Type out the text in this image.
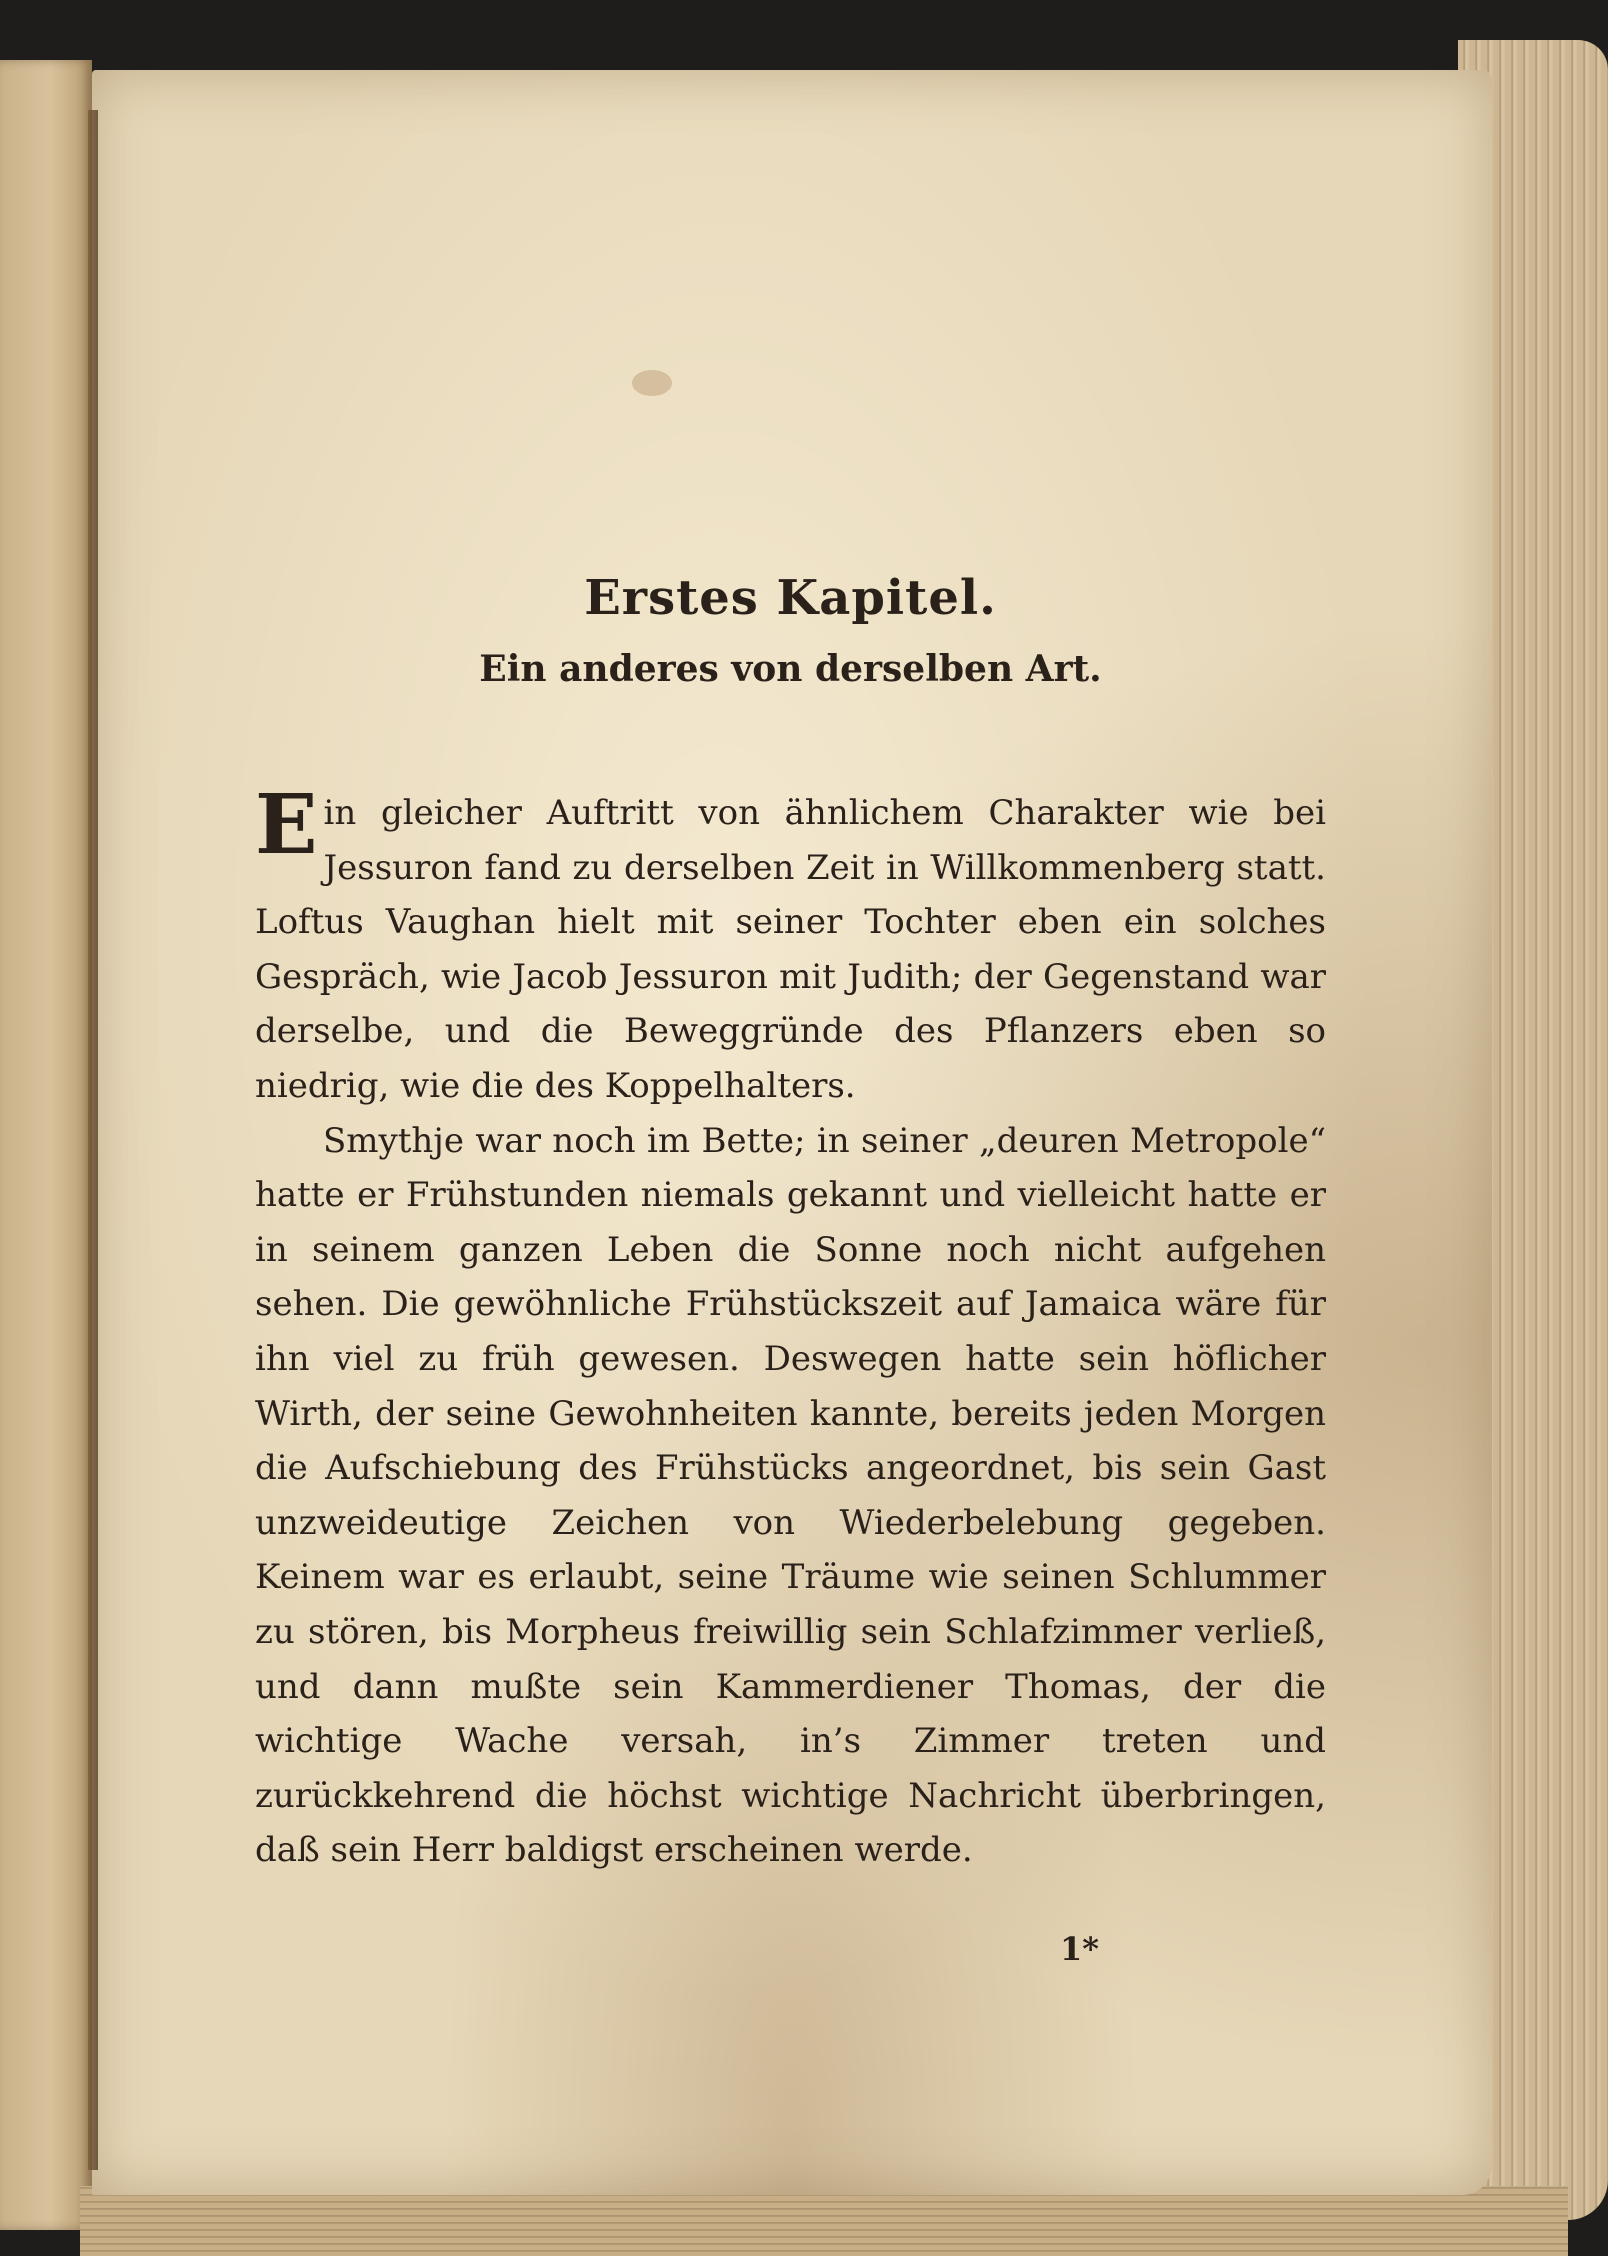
Erstes Kapitel.
Ein anderes von derselben Art.

Ein gleicher Auftritt von ähnlichem Charakter wie bei Jessuron fand zu derselben Zeit in Willkommenberg statt. Loftus Vaughan hielt mit seiner Tochter eben ein solches Gespräch, wie Jacob Jessuron mit Judith; der Gegenstand war derselbe, und die Beweggründe des Pflanzers eben so niedrig, wie die des Koppelhalters.

Smythje war noch im Bette; in seiner „deuren Metropole“ hatte er Frühstunden niemals gekannt und vielleicht hatte er in seinem ganzen Leben die Sonne noch nicht aufgehen sehen. Die gewöhnliche Frühstückszeit auf Jamaica wäre für ihn viel zu früh gewesen. Deswegen hatte sein höflicher Wirth, der seine Gewohnheiten kannte, bereits jeden Morgen die Aufschiebung des Frühstücks angeordnet, bis sein Gast unzweideutige Zeichen von Wiederbelebung gegeben. Keinem war es erlaubt, seine Träume wie seinen Schlummer zu stören, bis Morpheus freiwillig sein Schlafzimmer verließ, und dann mußte sein Kammerdiener Thomas, der die wichtige Wache versah, in’s Zimmer treten und zurückkehrend die höchst wichtige Nachricht überbringen, daß sein Herr baldigst erscheinen werde.

1*
